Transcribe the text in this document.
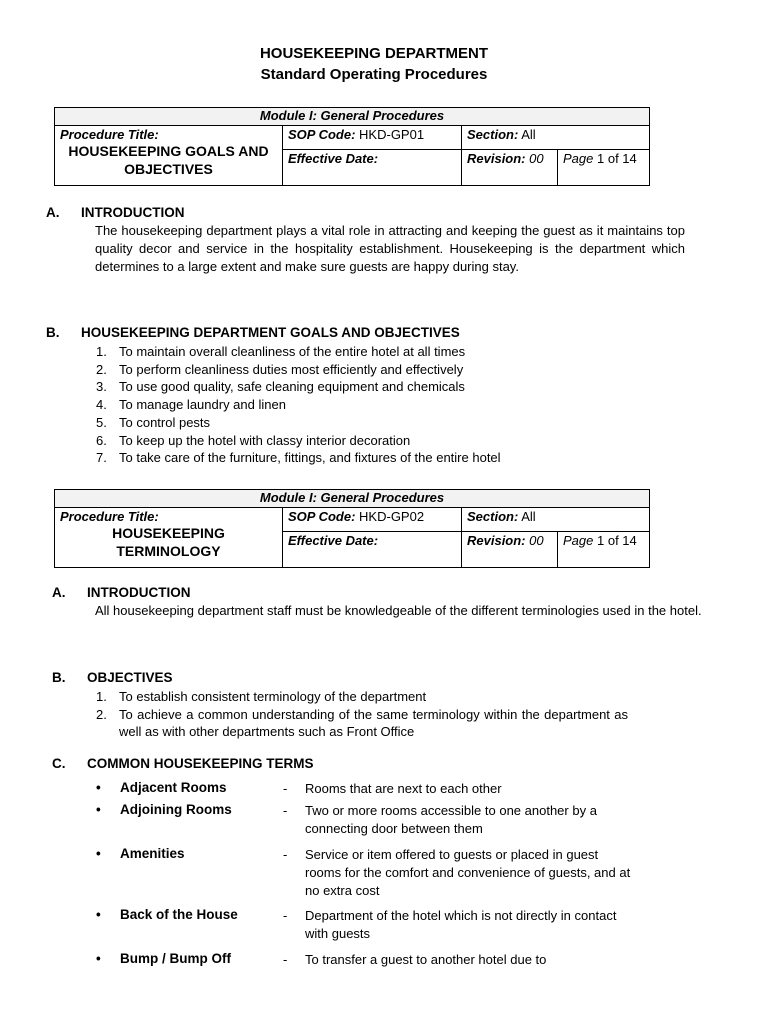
HOUSEKEEPING DEPARTMENT
Standard Operating Procedures
Module I: General Procedures			

Procedure Title:
HOUSEKEEPING GOALS AND OBJECTIVES	SOP Code: HKD-GP01	Section: All	
	Effective Date:	Revision: 00	Page 1 of 14
A. INTRODUCTION
The housekeeping department plays a vital role in attracting and keeping the guest as it maintains top quality decor and service in the hospitality establishment. Housekeeping is the department which determines to a large extent and make sure guests are happy during stay.
B. HOUSEKEEPING DEPARTMENT GOALS AND OBJECTIVES
1. To maintain overall cleanliness of the entire hotel at all times
2. To perform cleanliness duties most efficiently and effectively
3. To use good quality, safe cleaning equipment and chemicals
4. To manage laundry and linen
5. To control pests
6. To keep up the hotel with classy interior decoration
7. To take care of the furniture, fittings, and fixtures of the entire hotel
Module I: General Procedures			

Procedure Title:
HOUSEKEEPING TERMINOLOGY	SOP Code: HKD-GP02	Section: All	
	Effective Date:	Revision: 00	Page 1 of 14
A. INTRODUCTION
All housekeeping department staff must be knowledgeable of the different terminologies used in the hotel.
B. OBJECTIVES
1. To establish consistent terminology of the department
2. To achieve a common understanding of the same terminology within the department as well as with other departments such as Front Office
C. COMMON HOUSEKEEPING TERMS
• Adjacent Rooms	- Rooms that are next to each other
• Adjoining Rooms	- Two or more rooms accessible to one another by a connecting door between them
• Amenities	- Service or item offered to guests or placed in guest rooms for the comfort and convenience of guests, and at no extra cost
• Back of the House	- Department of the hotel which is not directly in contact with guests
• Bump / Bump Off	- To transfer a guest to another hotel due to
